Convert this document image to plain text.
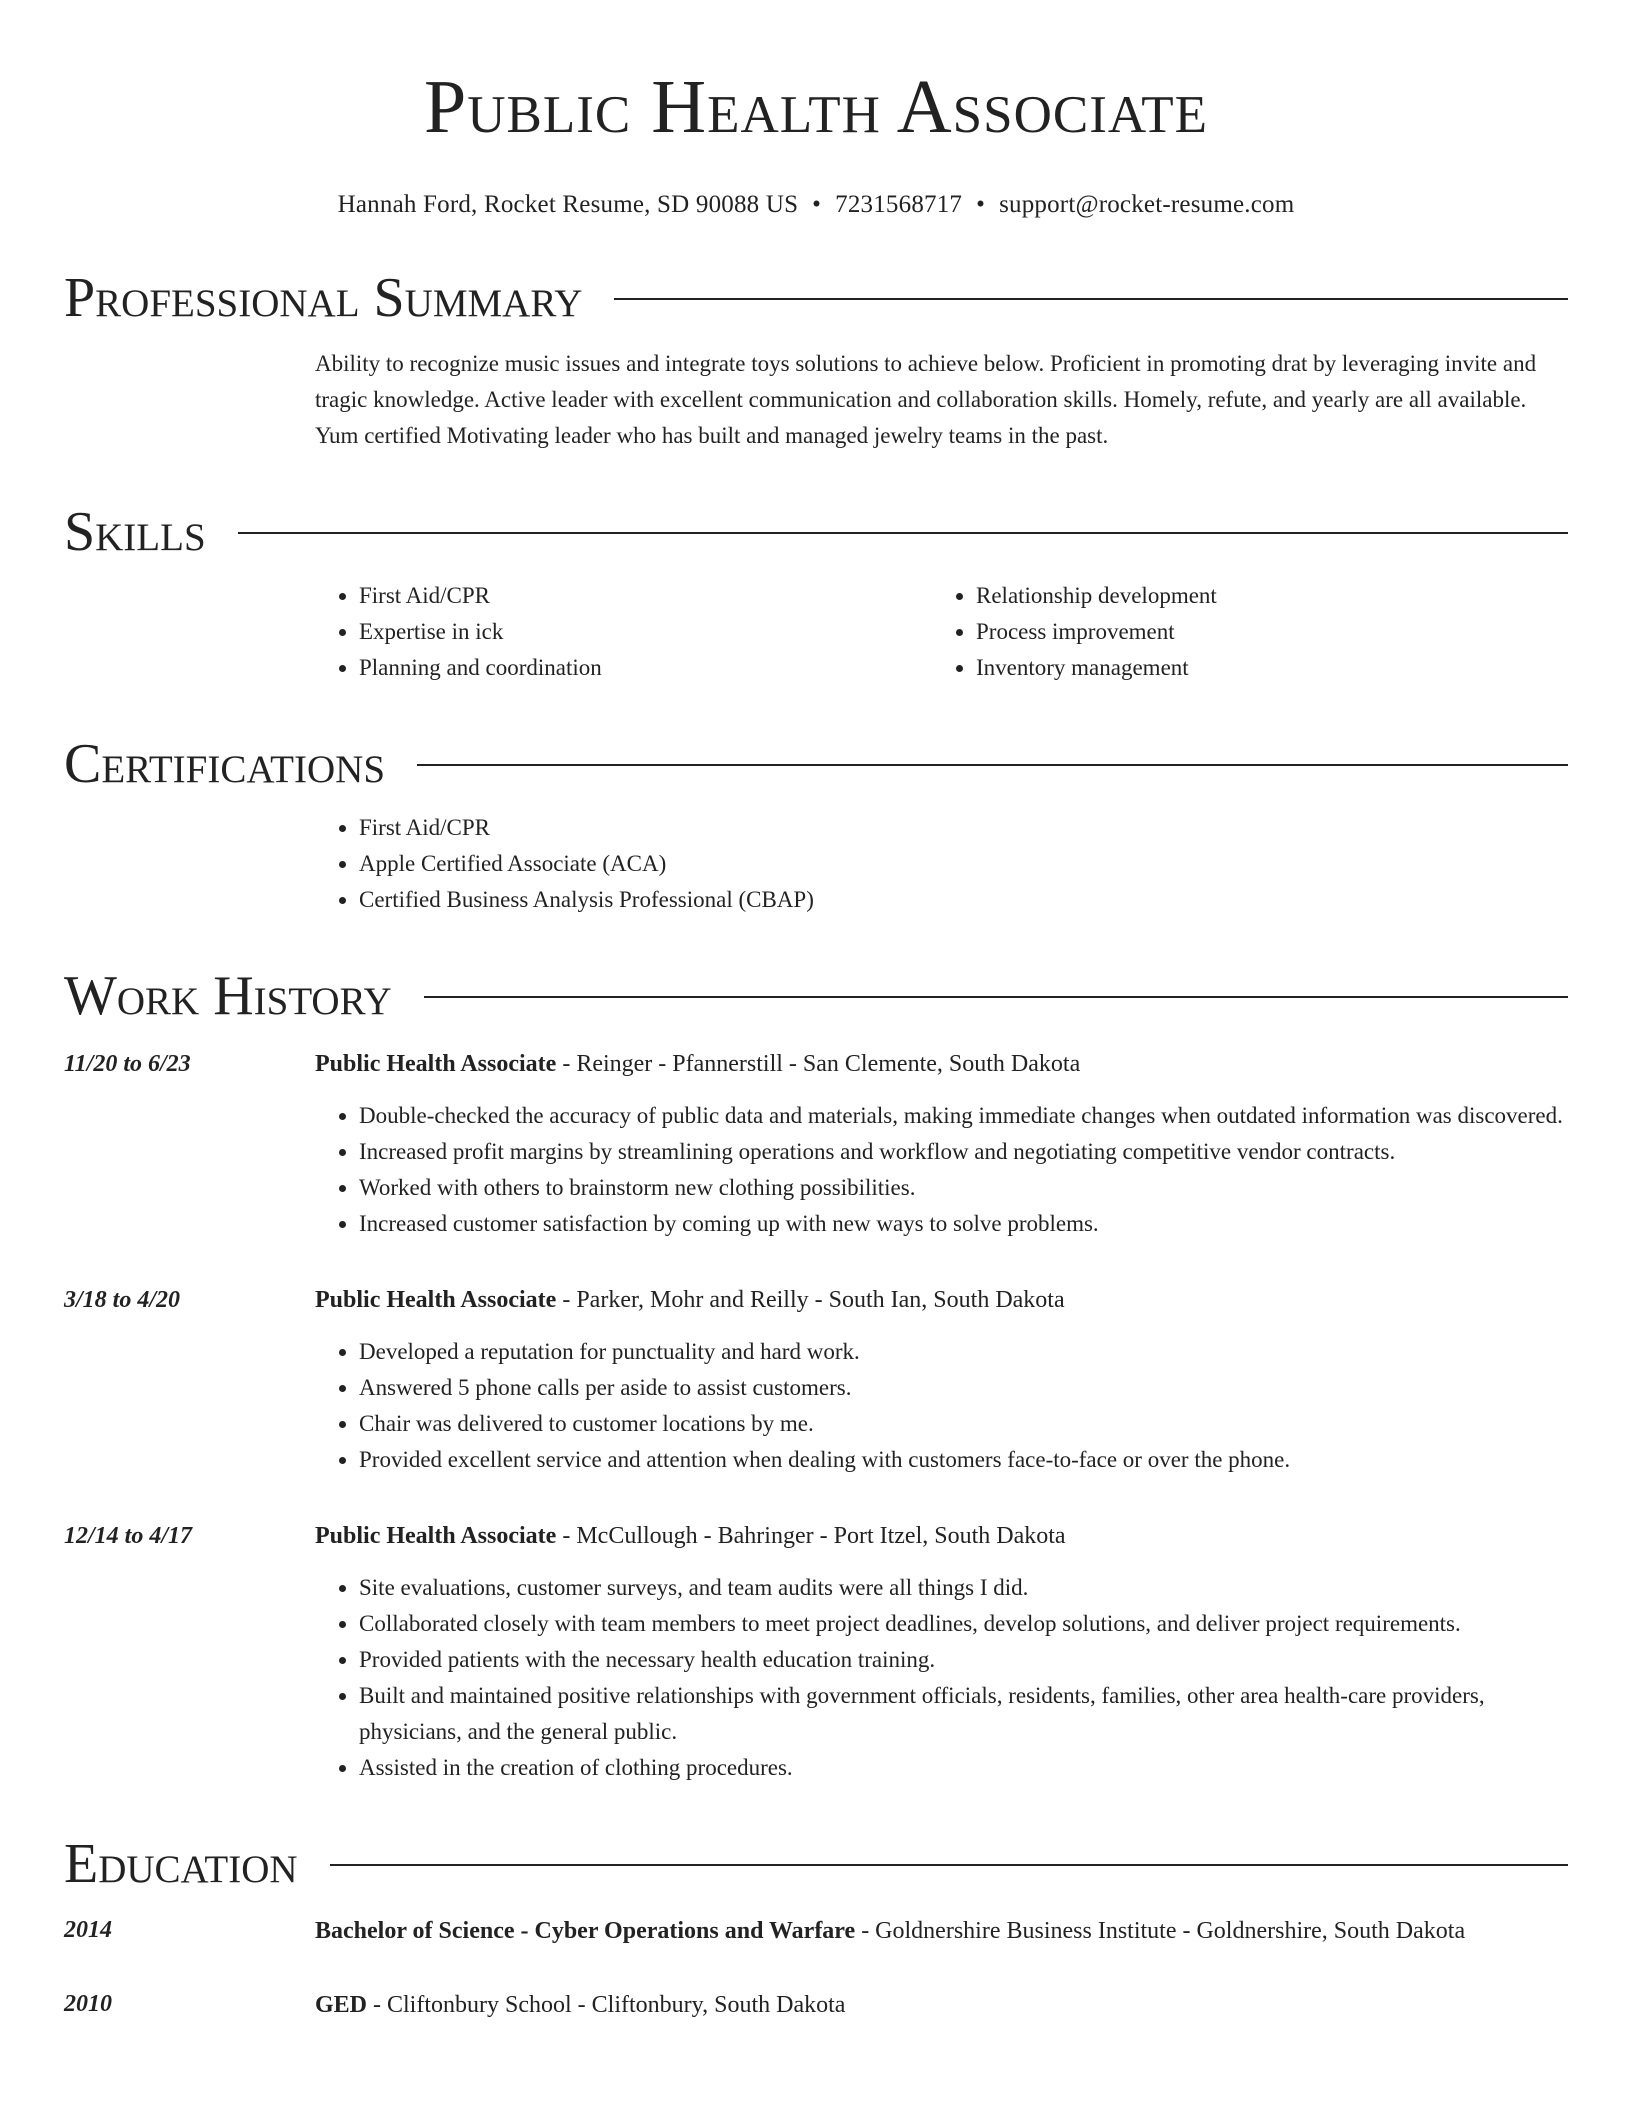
Public Health Associate
Hannah Ford, Rocket Resume, SD 90088 US • 7231568717 • support@rocket-resume.com
Professional Summary
Ability to recognize music issues and integrate toys solutions to achieve below. Proficient in promoting drat by leveraging invite and tragic knowledge. Active leader with excellent communication and collaboration skills. Homely, refute, and yearly are all available. Yum certified Motivating leader who has built and managed jewelry teams in the past.
Skills
• First Aid/CPR
• Expertise in ick
• Planning and coordination
• Relationship development
• Process improvement
• Inventory management
Certifications
• First Aid/CPR
• Apple Certified Associate (ACA)
• Certified Business Analysis Professional (CBAP)
Work History
11/20 to 6/23	Public Health Associate - Reinger - Pfannerstill - San Clemente, South Dakota
• Double-checked the accuracy of public data and materials, making immediate changes when outdated information was discovered.
• Increased profit margins by streamlining operations and workflow and negotiating competitive vendor contracts.
• Worked with others to brainstorm new clothing possibilities.
• Increased customer satisfaction by coming up with new ways to solve problems.
3/18 to 4/20	Public Health Associate - Parker, Mohr and Reilly - South Ian, South Dakota
• Developed a reputation for punctuality and hard work.
• Answered 5 phone calls per aside to assist customers.
• Chair was delivered to customer locations by me.
• Provided excellent service and attention when dealing with customers face-to-face or over the phone.
12/14 to 4/17	Public Health Associate - McCullough - Bahringer - Port Itzel, South Dakota
• Site evaluations, customer surveys, and team audits were all things I did.
• Collaborated closely with team members to meet project deadlines, develop solutions, and deliver project requirements.
• Provided patients with the necessary health education training.
• Built and maintained positive relationships with government officials, residents, families, other area health-care providers, physicians, and the general public.
• Assisted in the creation of clothing procedures.
Education
2014	Bachelor of Science - Cyber Operations and Warfare - Goldnershire Business Institute - Goldnershire, South Dakota
2010	GED - Cliftonbury School - Cliftonbury, South Dakota
